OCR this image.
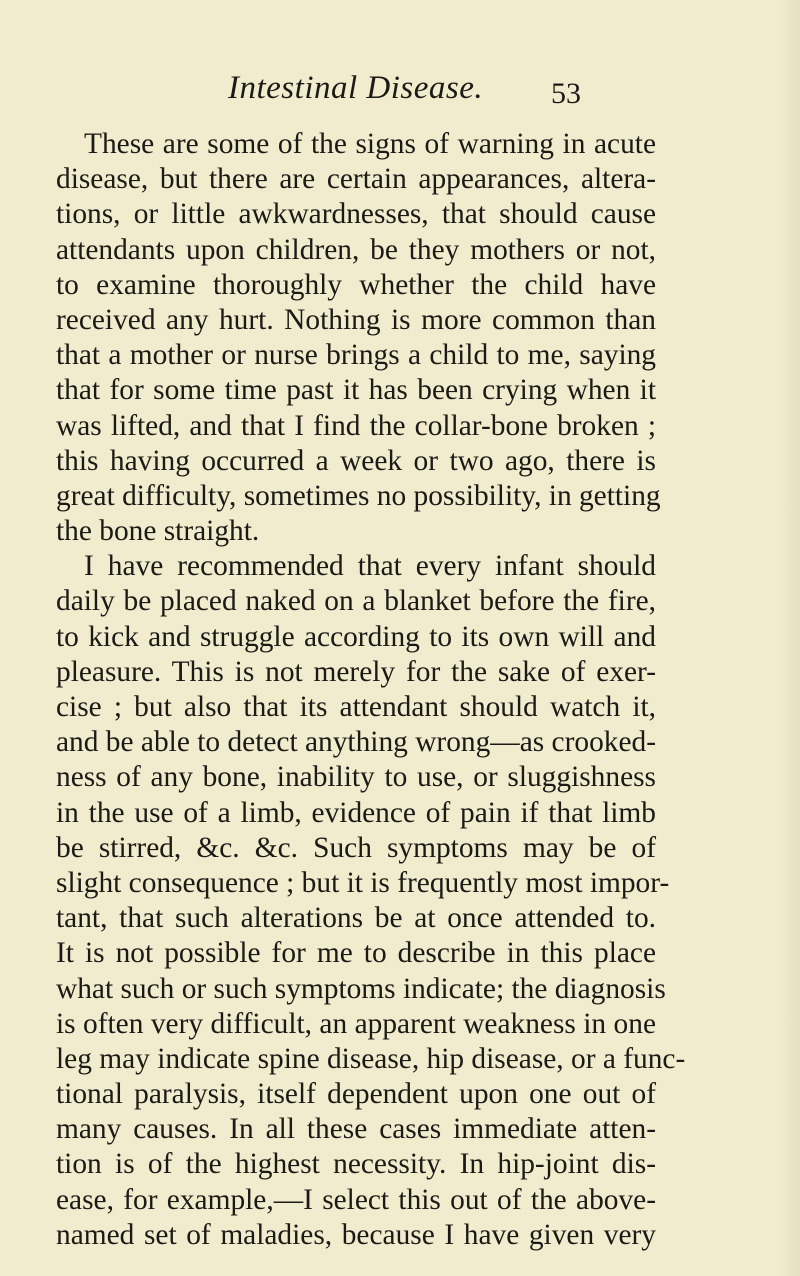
Intestinal Disease. 53
These are some of the signs of warning in acute
disease, but there are certain appearances, altera-
tions, or little awkwardnesses, that should cause
attendants upon children, be they mothers or not,
to examine thoroughly whether the child have
received any hurt. Nothing is more common than
that a mother or nurse brings a child to me, saying
that for some time past it has been crying when it
was lifted, and that I find the collar-bone broken ;
this having occurred a week or two ago, there is
great difficulty, sometimes no possibility, in getting
the bone straight.
I have recommended that every infant should
daily be placed naked on a blanket before the fire,
to kick and struggle according to its own will and
pleasure. This is not merely for the sake of exer-
cise ; but also that its attendant should watch it,
and be able to detect anything wrong—as crooked-
ness of any bone, inability to use, or sluggishness
in the use of a limb, evidence of pain if that limb
be stirred, &c. &c. Such symptoms may be of
slight consequence ; but it is frequently most impor-
tant, that such alterations be at once attended to.
It is not possible for me to describe in this place
what such or such symptoms indicate; the diagnosis
is often very difficult, an apparent weakness in one
leg may indicate spine disease, hip disease, or a func-
tional paralysis, itself dependent upon one out of
many causes. In all these cases immediate atten-
tion is of the highest necessity. In hip-joint dis-
ease, for example,—I select this out of the above-
named set of maladies, because I have given very
